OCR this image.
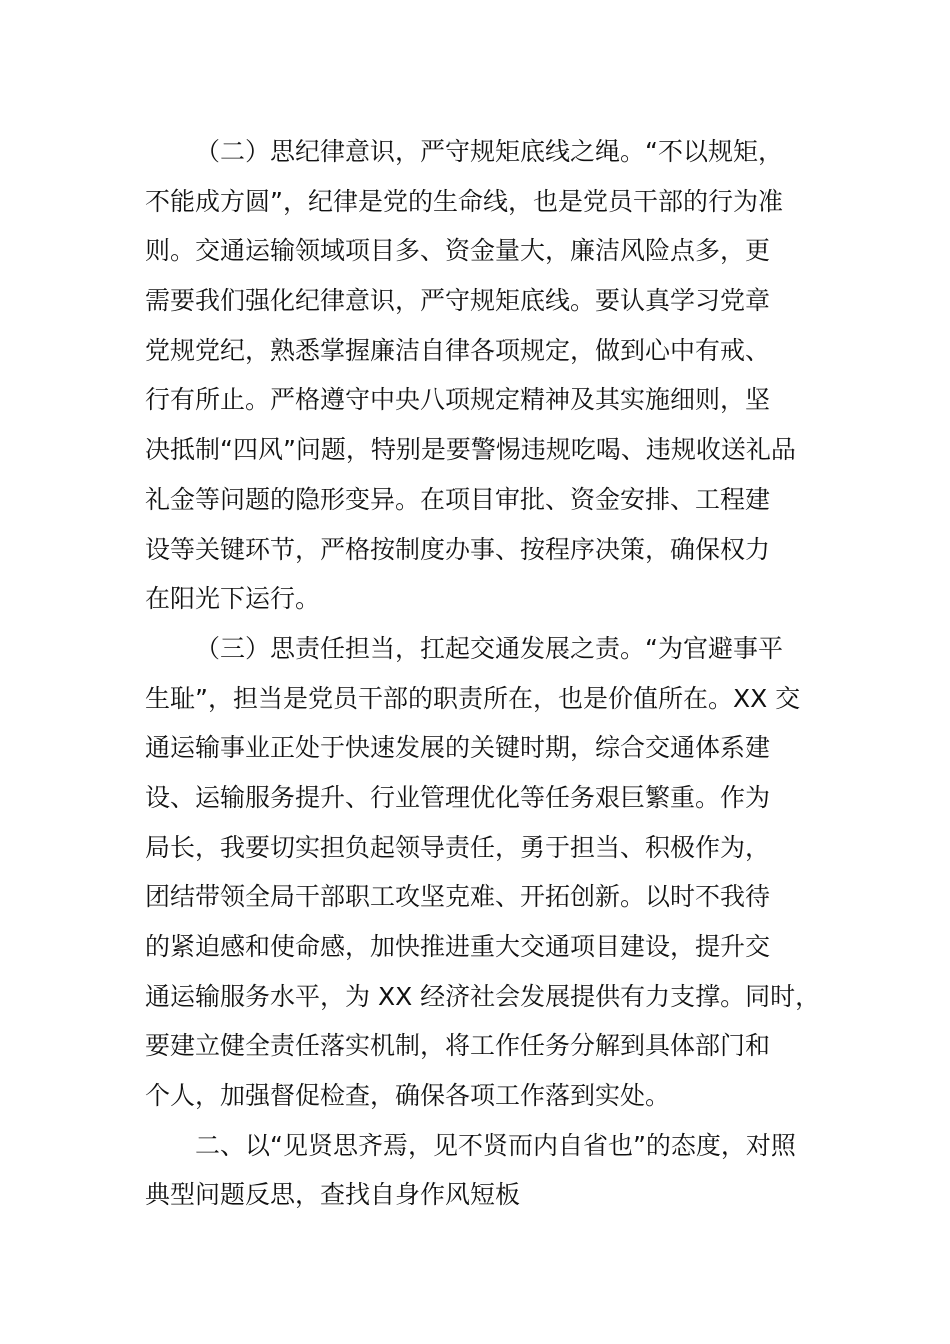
（二）思纪律意识，严守规矩底线之绳。“不以规矩，
不能成方圆”，纪律是党的生命线，也是党员干部的行为准
则。交通运输领域项目多、资金量大，廉洁风险点多，更
需要我们强化纪律意识，严守规矩底线。要认真学习党章
党规党纪，熟悉掌握廉洁自律各项规定，做到心中有戒、
行有所止。严格遵守中央八项规定精神及其实施细则，坚
决抵制“四风”问题，特别是要警惕违规吃喝、违规收送礼品
礼金等问题的隐形变异。在项目审批、资金安排、工程建
设等关键环节，严格按制度办事、按程序决策，确保权力
在阳光下运行。
（三）思责任担当，扛起交通发展之责。“为官避事平
生耻”，担当是党员干部的职责所在，也是价值所在。XX 交
通运输事业正处于快速发展的关键时期，综合交通体系建
设、运输服务提升、行业管理优化等任务艰巨繁重。作为
局长，我要切实担负起领导责任，勇于担当、积极作为，
团结带领全局干部职工攻坚克难、开拓创新。以时不我待
的紧迫感和使命感，加快推进重大交通项目建设，提升交
通运输服务水平，为 XX 经济社会发展提供有力支撑。同时，
要建立健全责任落实机制，将工作任务分解到具体部门和
个人，加强督促检查，确保各项工作落到实处。
二、以“见贤思齐焉，见不贤而内自省也”的态度，对照
典型问题反思，查找自身作风短板
